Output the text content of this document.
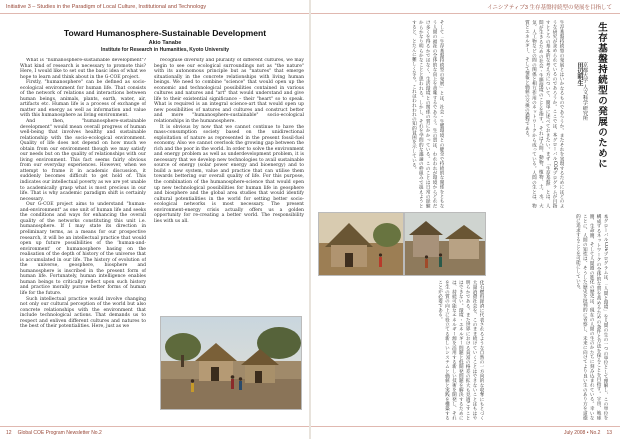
Initiative 3 – Studies in the Paradigm of Local Culture, Institutional and Technology	イニシアティブ3 生存基盤持続型の発展を目指して
Toward Humanosphere-Sustainable Development
Akio Tanabe
Institute for Research in Humanities, Kyoto University

What is "humanosphere-sustainable development"? What kind of research is necessary to promote this? Here, I would like to set out the basic idea of what we hope to learn and think about in the G-COE project.

Firstly, "humanosphere" can be defined as socio-ecological environment for human life. That consists of the network of relations and interactions between human beings, animals, plants, earth, water, air, artifacts etc. Human life is a process of exchange of matter and energy as well as information and value with this humanosphere as living environment.

And then, "humanosphere-sustainable development" would mean overall progress of human well-being that involves healthy and sustainable relationship with the socio-ecological environment. Quality of life does not depend on how much we obtain from our environment though we may satisfy our needs but on the quality of relationships with our living environment. This fact seems fairly obvious from our everyday experiences. However, when we attempt to frame it in academic discussion, it suddenly becomes difficult to get hold of. This indicates our intellectual poverty as we are yet unable to academically grasp what is most precious in our life. That is why academic paradigm shift is certainly necessary.

Our G-COE project aims to understand "human-and-environment" as one unit of human life and seeks the conditions and ways for enhancing the overall quality of the networks constituting this unit i.e. humanosphere. If I may state its direction in preliminary terms, as a means for our prospective research, it will be an intellectual practice that would open up future possibilities of the 'human-and-environment' or humanosphere basing on the realisation of the depth of history of the universe that is accumulated in our life. The history of evolution of the universe, geosphere, biosphere and humanosphere is inscribed in the present form of human life. Fortunately, human intelligence enables human beings to critically reflect upon such history and practice morally pursue better forms of human life for the future.

Such intellectual practice would involve changing not only our cultural perception of the world but also concrete relationships with the environment that include technological actions. That demands us to respect and enliven different cultures and natures to the best of their potentialities. Here, just as we

recognise diversity and plurality of different cultures, we may begin to see our ecological surroundings not as "the nature" with its autonomous principle but as "natures" that emerge situationally in the concrete relationships with living human beings. We need to combine "science" that would open up the economic and technological possibilities contained in various cultures and natures and "art" that would understand and give life to their existential significance – their "heart" so to speak. What is required is an integral science-art that would open up new possibilities of natures and cultures and construct better and more "humanosphere-sustainable" socio-ecological relationships in the humanosphere.

It is obvious by now that we cannot continue to have the mass-consumption society based on the unidirectional exploitation of nature as represented in the present fossil-fuel economy. Also we cannot overlook the growing gap between the rich and the poor in the world. In order to solve the environment and energy problem as well as underdevelopment problem, it is necessary that we develop new technologies to avail sustainable source of energy (solar power energy and bioenergy) and to build a new system, value and practice that can utilise them towards bettering our overall quality of life. For this purpose, the combination of the humanosphere-science that would open up new technological possibilities for human life in geosphere and biosphere and the global area studies that would identify cultural potentialities in the world for setting better socio-ecological networks is most necessary. The present environment-energy crisis actually offers us a golden opportunity for re-creating a better world. The responsibility lies with us all.

生存基盤持続型の発展のために
京都大学 人文科学研究所
田辺明生
生存基盤持続型の発展とはいかなるものであろうか。またそれを実現するためにはどのような研究が求められているのであろうか。ここでは、本グローバルCOEプログラムが目指すところの基本的な考え方について、簡単に述べておきたい。まず「生存基盤」とは、人間が生きるための社会・生態環境のことを指す。それは人間、動物、植物、土、水、大気、人工物などの間の関係と相互作用のネットワークから成っている。人間の生とは、物質とエネルギー、そして情報と価値の交換の過程である。
そして「生存基盤持続型の発展」とは、社会・生態環境との健全で持続的な関係をともなう人間の福祉の全体的な向上を意味するであろう。生の質は、われわれが環境からどれだけ多くを得るかではなく、生活環境との関係の質にかかっている。このことは日常の経験からかなり明らかなことと思われる。しかし、それを学問的な議論の枠組みで捉えようとすると、とたんに難しくなる。これはわれわれの知的貧困を示している。
本グローバルCOEプログラムは、「人間と環境」を人間の生の一つの単位として理解し、この単位を構成するネットワークの全体的な質を高めるための条件と方法を探ることを目指す。宇宙、地球圏、生命圏、そして人間圏の進化の歴史は、現在の人間の生のかたちに刻み込まれている。幸いなことに、人間の知性は、そうした歴史を批判的に省察し、未来に向けてより良い生のあり方を道徳的に追求することを可能にしている。
化石燃料経済に代表されるような自然の一方向的な収奪にもとづく大量消費社会を、このまま続けていくことはできないことはもはや明らかである。また世界における貧富の格差の拡大も見過ごすことはできない。環境・エネルギー問題と低開発問題を解決するためには、持続可能なエネルギー源を活用する新しい技術を開発し、それを生の質の向上に役立てる新しいシステムと価値と実践を構築することが必要である。
12 Global COE Program Newsletter No.2	July 2008 • No.2 13
